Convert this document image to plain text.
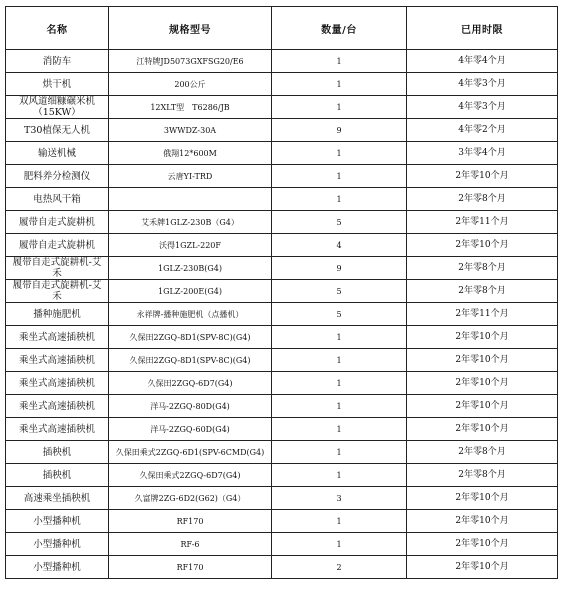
名称	规格型号	数量/台	已用时限
消防车	江特牌JD5073GXFSG20/E6	1	4年零4个月
烘干机	200公斤	1	4年零3个月
双风道细糠碾米机（15KW）	12XLT型　T6286/JB	1	4年零3个月
T30植保无人机	3WWDZ-30A	9	4年零2个月
输送机械	俄翔12*600M	1	3年零4个月
肥料养分检测仪	云唐YI-TRD	1	2年零10个月
电热风干箱		1	2年零8个月
履带自走式旋耕机	艾禾牌1GLZ-230B（G4）	5	2年零11个月
履带自走式旋耕机	沃得1GZL-220F	4	2年零10个月
履带自走式旋耕机-艾禾	1GLZ-230B(G4)	9	2年零8个月
履带自走式旋耕机-艾禾	1GLZ-200E(G4)	5	2年零8个月
播种施肥机	永祥牌-播种施肥机（点播机）	5	2年零11个月
乘坐式高速插秧机	久保田2ZGQ-8D1(SPV-8C)(G4)	1	2年零10个月
乘坐式高速插秧机	久保田2ZGQ-8D1(SPV-8C)(G4)	1	2年零10个月
乘坐式高速插秧机	久保田2ZGQ-6D7(G4)	1	2年零10个月
乘坐式高速插秧机	洋马-2ZGQ-80D(G4)	1	2年零10个月
乘坐式高速插秧机	洋马-2ZGQ-60D(G4)	1	2年零10个月
插秧机	久保田乘式2ZGQ-6D1(SPV-6CMD(G4)	1	2年零8个月
插秧机	久保田乘式2ZGQ-6D7(G4)	1	2年零8个月
高速乘坐插秧机	久富牌2ZG-6D2(G62)（G4）	3	2年零10个月
小型播种机	RF170	1	2年零10个月
小型播种机	RF-6	1	2年零10个月
小型播种机	RF170	2	2年零10个月
